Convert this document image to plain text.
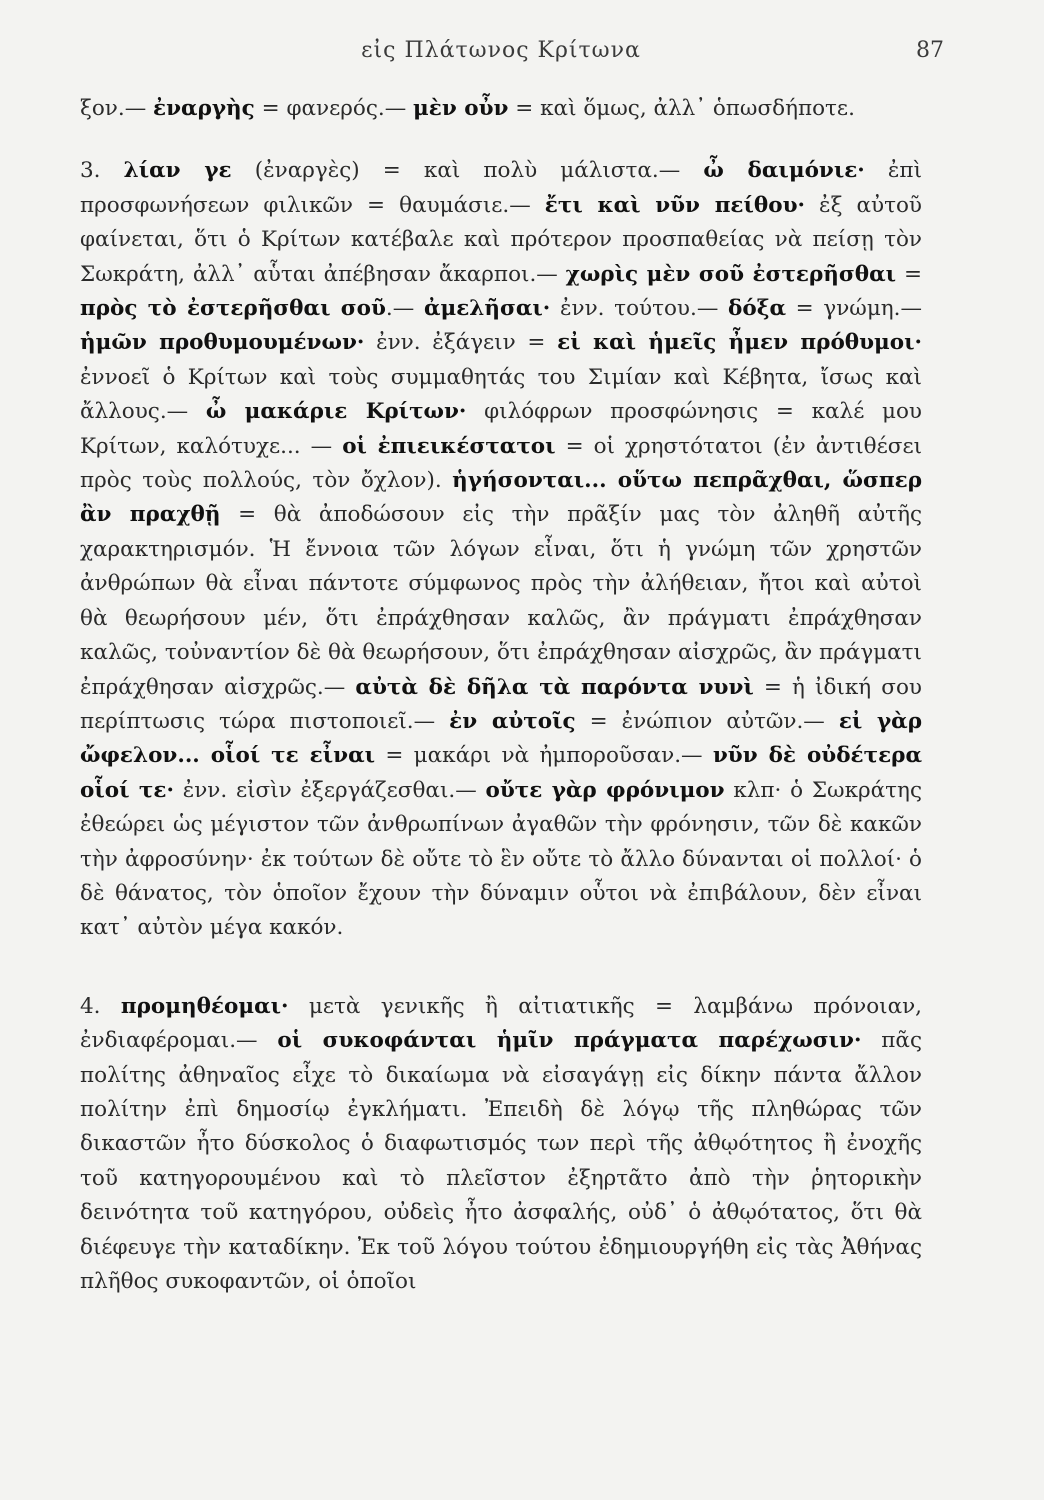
εἰς Πλάτωνος Κρίτωνα	87

ξον.— ἐναργὴς = φανερός.— μὲν οὖν = καὶ ὅμως, ἀλλ᾿ ὁπωσδήποτε.

3. λίαν γε (ἐναργὲς) = καὶ πολὺ μάλιστα.— ὦ δαιμόνιε· ἐπὶ προσφωνήσεων φιλικῶν = θαυμάσιε.— ἔτι καὶ νῦν πείθου· ἐξ αὐτοῦ φαίνεται, ὅτι ὁ Κρίτων κατέβαλε καὶ πρότερον προσπαθείας νὰ πείσῃ τὸν Σωκράτη, ἀλλ᾿ αὗται ἀπέβησαν ἄκαρποι.— χωρὶς μὲν σοῦ ἐστερῆσθαι = πρὸς τὸ ἐστερῆσθαι σοῦ.— ἀμελῆσαι· ἐνν. τούτου.— δόξα = γνώμη.— ἡμῶν προθυμουμένων· ἐνν. ἐξάγειν = εἰ καὶ ἡμεῖς ἦμεν πρόθυμοι· ἐννοεῖ ὁ Κρίτων καὶ τοὺς συμμαθητάς του Σιμίαν καὶ Κέβητα, ἴσως καὶ ἄλλους.— ὦ μακάριε Κρίτων· φιλόφρων προσφώνησις = καλέ μου Κρίτων, καλότυχε... — οἱ ἐπιεικέστατοι = οἱ χρηστότατοι (ἐν ἀντιθέσει πρὸς τοὺς πολλούς, τὸν ὄχλον). ἡγήσονται... οὕτω πεπρᾶχθαι, ὥσπερ ἂν πραχθῇ = θὰ ἀποδώσουν εἰς τὴν πρᾶξίν μας τὸν ἀληθῆ αὐτῆς χαρακτηρισμόν. Ἡ ἔννοια τῶν λόγων εἶναι, ὅτι ἡ γνώμη τῶν χρηστῶν ἀνθρώπων θὰ εἶναι πάντοτε σύμφωνος πρὸς τὴν ἀλήθειαν, ἤτοι καὶ αὐτοὶ θὰ θεωρήσουν μέν, ὅτι ἐπράχθησαν καλῶς, ἂν πράγματι ἐπράχθησαν καλῶς, τοὐναντίον δὲ θὰ θεωρήσουν, ὅτι ἐπράχθησαν αἰσχρῶς, ἂν πράγματι ἐπράχθησαν αἰσχρῶς.— αὐτὰ δὲ δῆλα τὰ παρόντα νυνὶ = ἡ ἰδική σου περίπτωσις τώρα πιστοποιεῖ.— ἐν αὐτοῖς = ἐνώπιον αὐτῶν.— εἰ γὰρ ὤφελον... οἷοί τε εἶναι = μακάρι νὰ ἠμποροῦσαν.— νῦν δὲ οὐδέτερα οἷοί τε· ἐνν. εἰσὶν ἐξεργάζεσθαι.— οὔτε γὰρ φρόνιμον κλπ· ὁ Σωκράτης ἐθεώρει ὡς μέγιστον τῶν ἀνθρωπίνων ἀγαθῶν τὴν φρόνησιν, τῶν δὲ κακῶν τὴν ἀφροσύνην· ἐκ τούτων δὲ οὔτε τὸ ἓν οὔτε τὸ ἄλλο δύνανται οἱ πολλοί· ὁ δὲ θάνατος, τὸν ὁποῖον ἔχουν τὴν δύναμιν οὗτοι νὰ ἐπιβάλουν, δὲν εἶναι κατ᾿ αὐτὸν μέγα κακόν.

4. προμηθέομαι· μετὰ γενικῆς ἢ αἰτιατικῆς = λαμβάνω πρόνοιαν, ἐνδιαφέρομαι.— οἱ συκοφάνται ἡμῖν πράγματα παρέχωσιν· πᾶς πολίτης ἀθηναῖος εἶχε τὸ δικαίωμα νὰ εἰσαγάγῃ εἰς δίκην πάντα ἄλλον πολίτην ἐπὶ δημοσίῳ ἐγκλήματι. Ἐπειδὴ δὲ λόγῳ τῆς πληθώρας τῶν δικαστῶν ἦτο δύσκολος ὁ διαφωτισμός των περὶ τῆς ἀθῳότητος ἢ ἐνοχῆς τοῦ κατηγορουμένου καὶ τὸ πλεῖστον ἐξηρτᾶτο ἀπὸ τὴν ῥητορικὴν δεινότητα τοῦ κατηγόρου, οὐδεὶς ἦτο ἀσφαλής, οὐδ᾿ ὁ ἀθῳότατος, ὅτι θὰ διέφευγε τὴν καταδίκην. Ἐκ τοῦ λόγου τούτου ἐδημιουργήθη εἰς τὰς Ἀθήνας πλῆθος συκοφαντῶν, οἱ ὁποῖοι
